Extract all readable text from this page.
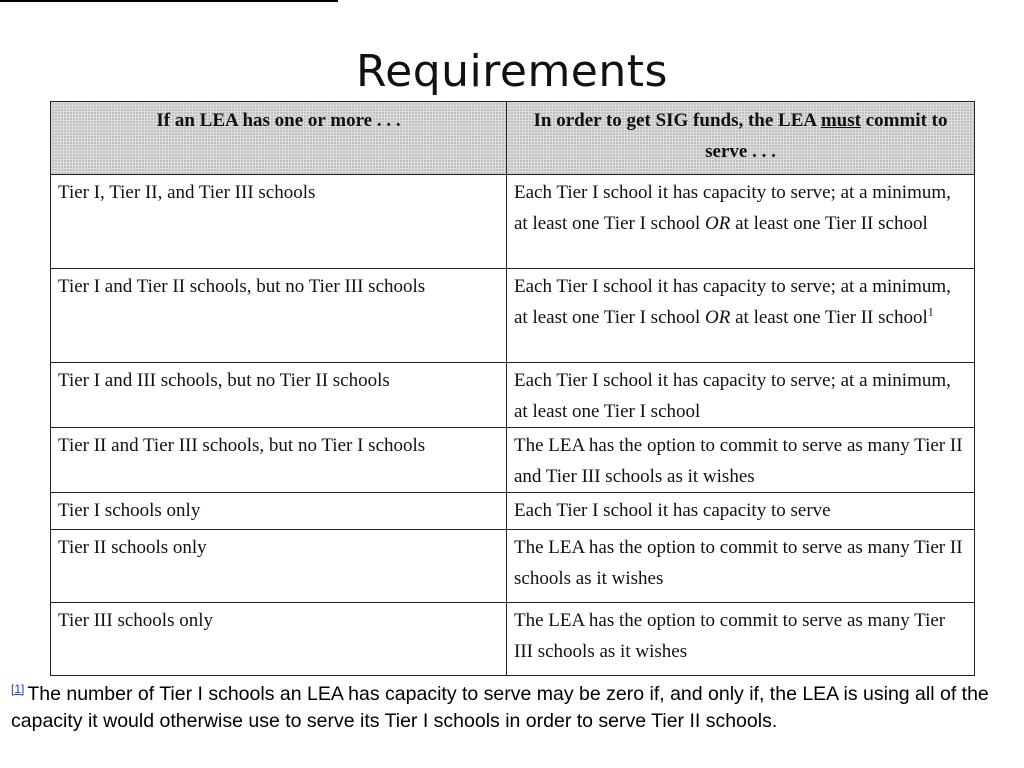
Requirements
If an LEA has one or more . . .	In order to get SIG funds, the LEA must commit to serve . . .
Tier I, Tier II, and Tier III schools	Each Tier I school it has capacity to serve; at a minimum, at least one Tier I school OR at least one Tier II school
Tier I and Tier II schools, but no Tier III schools	Each Tier I school it has capacity to serve; at a minimum, at least one Tier I school OR at least one Tier II school$^1$
Tier I and III schools, but no Tier II schools	Each Tier I school it has capacity to serve; at a minimum, at least one Tier I school
Tier II and Tier III schools, but no Tier I schools	The LEA has the option to commit to serve as many Tier II and Tier III schools as it wishes
Tier I schools only	Each Tier I school it has capacity to serve
Tier II schools only	The LEA has the option to commit to serve as many Tier II schools as it wishes
Tier III schools only	The LEA has the option to commit to serve as many Tier III schools as it wishes
[1] The number of Tier I schools an LEA has capacity to serve may be zero if, and only if, the LEA is using all of the capacity it would otherwise use to serve its Tier I schools in order to serve Tier II schools.
